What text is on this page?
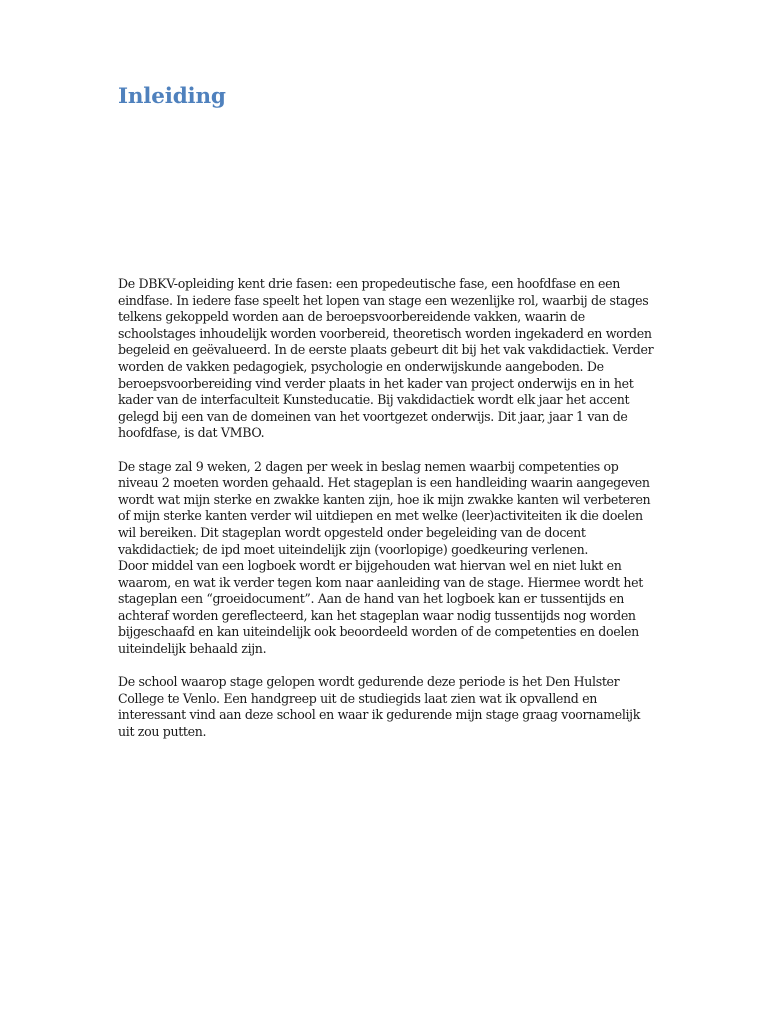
Inleiding

De DBKV-opleiding kent drie fasen: een propedeutische fase, een hoofdfase en een
eindfase. In iedere fase speelt het lopen van stage een wezenlijke rol, waarbij de stages
telkens gekoppeld worden aan de beroepsvoorbereidende vakken, waarin de
schoolstages inhoudelijk worden voorbereid, theoretisch worden ingekaderd en worden
begeleid en geëvalueerd. In de eerste plaats gebeurt dit bij het vak vakdidactiek. Verder
worden de vakken pedagogiek, psychologie en onderwijskunde aangeboden. De
beroepsvoorbereiding vind verder plaats in het kader van project onderwijs en in het
kader van de interfaculteit Kunsteducatie. Bij vakdidactiek wordt elk jaar het accent
gelegd bij een van de domeinen van het voortgezet onderwijs. Dit jaar, jaar 1 van de
hoofdfase, is dat VMBO.

De stage zal 9 weken, 2 dagen per week in beslag nemen waarbij competenties op
niveau 2 moeten worden gehaald. Het stageplan is een handleiding waarin aangegeven
wordt wat mijn sterke en zwakke kanten zijn, hoe ik mijn zwakke kanten wil verbeteren
of mijn sterke kanten verder wil uitdiepen en met welke (leer)activiteiten ik die doelen
wil bereiken. Dit stageplan wordt opgesteld onder begeleiding van de docent
vakdidactiek; de ipd moet uiteindelijk zijn (voorlopige) goedkeuring verlenen.
Door middel van een logboek wordt er bijgehouden wat hiervan wel en niet lukt en
waarom, en wat ik verder tegen kom naar aanleiding van de stage. Hiermee wordt het
stageplan een “groeidocument”. Aan de hand van het logboek kan er tussentijds en
achteraf worden gereflecteerd, kan het stageplan waar nodig tussentijds nog worden
bijgeschaafd en kan uiteindelijk ook beoordeeld worden of de competenties en doelen
uiteindelijk behaald zijn.

De school waarop stage gelopen wordt gedurende deze periode is het Den Hulster
College te Venlo. Een handgreep uit de studiegids laat zien wat ik opvallend en
interessant vind aan deze school en waar ik gedurende mijn stage graag voornamelijk
uit zou putten.
